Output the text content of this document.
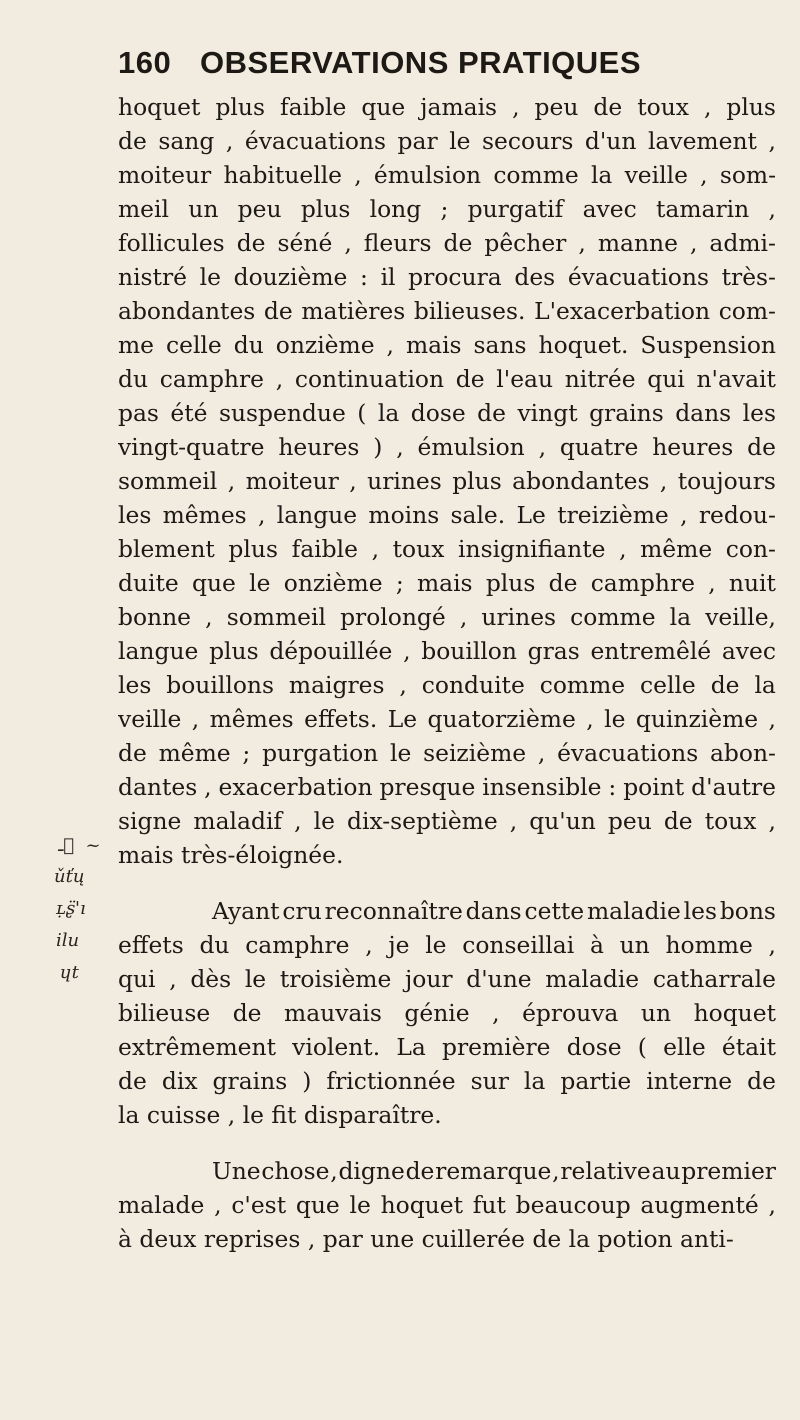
160 OBSERVATIONS PRATIQUES
hoquet plus faible que jamais , peu de toux , plus
de sang , évacuations par le secours d'un lavement ,
moiteur habituelle , émulsion comme la veille , som-
meil un peu plus long ; purgatif avec tamarin ,
follicules de séné , fleurs de pêcher , manne , admi-
nistré le douzième : il procura des évacuations très-
abondantes de matières bilieuses. L'exacerbation com-
me celle du onzième , mais sans hoquet. Suspension
du camphre , continuation de l'eau nitrée qui n'avait
pas été suspendue ( la dose de vingt grains dans les
vingt-quatre heures ) , émulsion , quatre heures de
sommeil , moiteur , urines plus abondantes , toujours
les mêmes , langue moins sale. Le treizième , redou-
blement plus faible , toux insignifiante , même con-
duite que le onzième ; mais plus de camphre , nuit
bonne , sommeil prolongé , urines comme la veille,
langue plus dépouillée , bouillon gras entremêlé avec
les bouillons maigres , conduite comme celle de la
veille , mêmes effets. Le quatorzième , le quinzième ,
de même ; purgation le seizième , évacuations abon-
dantes , exacerbation presque insensible : point d'autre
signe maladif , le dix-septième , qu'un peu de toux ,
mais très-éloignée.
Ayant cru reconnaître dans cette maladie les bons
effets du camphre , je le conseillai à un homme ,
qui , dès le troisième jour d'une maladie catharrale
bilieuse de mauvais génie , éprouva un hoquet
extrêmement violent. La première dose ( elle était
de dix grains ) frictionnée sur la partie interne de
la cuisse , le fit disparaître.
Une chose , digne de remarque , relative au premier
malade , c'est que le hoquet fut beaucoup augmenté ,
à deux reprises , par une cuillerée de la potion anti-
ـ ٰ ~
ǔťų
ʟ̣ʂ̈'ı
ilu
ɥt
